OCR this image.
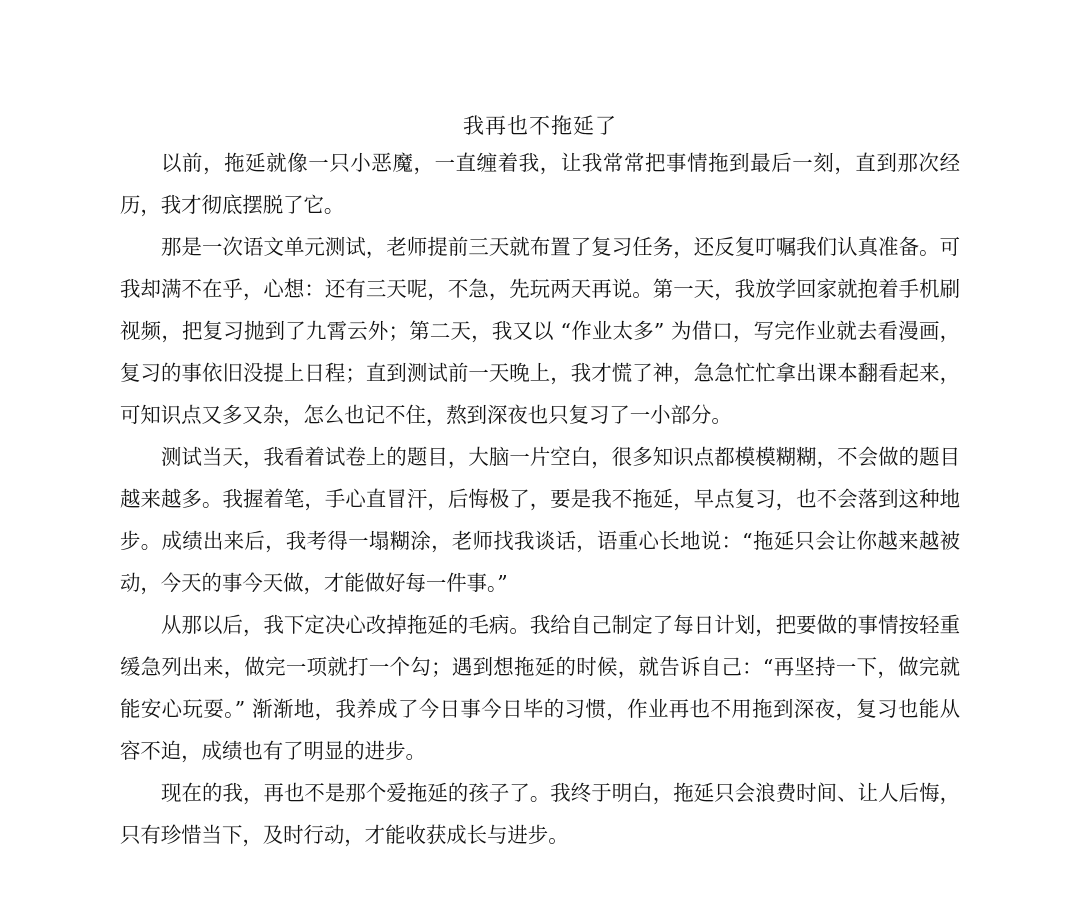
我再也不拖延了

以前，拖延就像一只小恶魔，一直缠着我，让我常常把事情拖到最后一刻，直到那次经历，我才彻底摆脱了它。

那是一次语文单元测试，老师提前三天就布置了复习任务，还反复叮嘱我们认真准备。可我却满不在乎，心想：还有三天呢，不急，先玩两天再说。第一天，我放学回家就抱着手机刷视频，把复习抛到了九霄云外；第二天，我又以 “作业太多” 为借口，写完作业就去看漫画，复习的事依旧没提上日程；直到测试前一天晚上，我才慌了神，急急忙忙拿出课本翻看起来，可知识点又多又杂，怎么也记不住，熬到深夜也只复习了一小部分。

测试当天，我看着试卷上的题目，大脑一片空白，很多知识点都模模糊糊，不会做的题目越来越多。我握着笔，手心直冒汗，后悔极了，要是我不拖延，早点复习，也不会落到这种地步。成绩出来后，我考得一塌糊涂，老师找我谈话，语重心长地说：“拖延只会让你越来越被动，今天的事今天做，才能做好每一件事。”

从那以后，我下定决心改掉拖延的毛病。我给自己制定了每日计划，把要做的事情按轻重缓急列出来，做完一项就打一个勾；遇到想拖延的时候，就告诉自己：“再坚持一下，做完就能安心玩耍。” 渐渐地，我养成了今日事今日毕的习惯，作业再也不用拖到深夜，复习也能从容不迫，成绩也有了明显的进步。

现在的我，再也不是那个爱拖延的孩子了。我终于明白，拖延只会浪费时间、让人后悔，只有珍惜当下，及时行动，才能收获成长与进步。
